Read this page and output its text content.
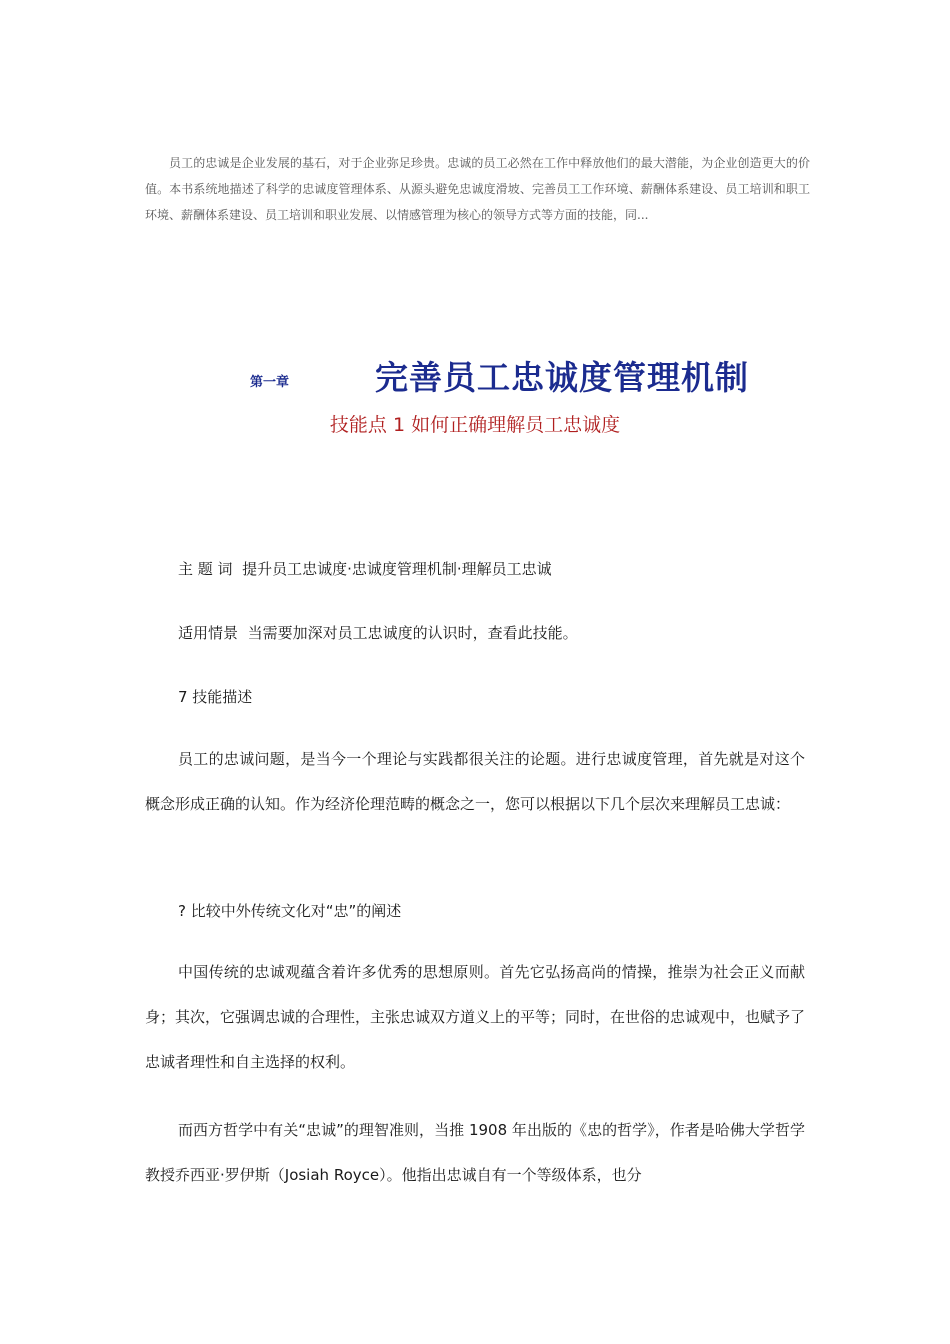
员工的忠诚是企业发展的基石，对于企业弥足珍贵。忠诚的员工必然在工作中释放他们的最大潜能，为企业创造更大的价值。本书系统地描述了科学的忠诚度管理体系、从源头避免忠诚度滑坡、完善员工工作环境、薪酬体系建设、员工培训和职工环境、薪酬体系建设、员工培训和职业发展、以情感管理为核心的领导方式等方面的技能，同...

第一章	完善员工忠诚度管理机制
技能点 1 如何正确理解员工忠诚度
主 题 词 提升员工忠诚度·忠诚度管理机制·理解员工忠诚
适用情景 当需要加深对员工忠诚度的认识时，查看此技能。
7 技能描述

员工的忠诚问题，是当今一个理论与实践都很关注的论题。进行忠诚度管理，首先就是对这个概念形成正确的认知。作为经济伦理范畴的概念之一，您可以根据以下几个层次来理解员工忠诚：

? 比较中外传统文化对“忠”的阐述

中国传统的忠诚观蕴含着许多优秀的思想原则。首先它弘扬高尚的情操，推崇为社会正义而献身；其次，它强调忠诚的合理性，主张忠诚双方道义上的平等；同时，在世俗的忠诚观中，也赋予了忠诚者理性和自主选择的权利。

而西方哲学中有关“忠诚”的理智准则，当推 1908 年出版的《忠的哲学》，作者是哈佛大学哲学教授乔西亚·罗伊斯（Josiah Royce）。他指出忠诚自有一个等级体系，也分
